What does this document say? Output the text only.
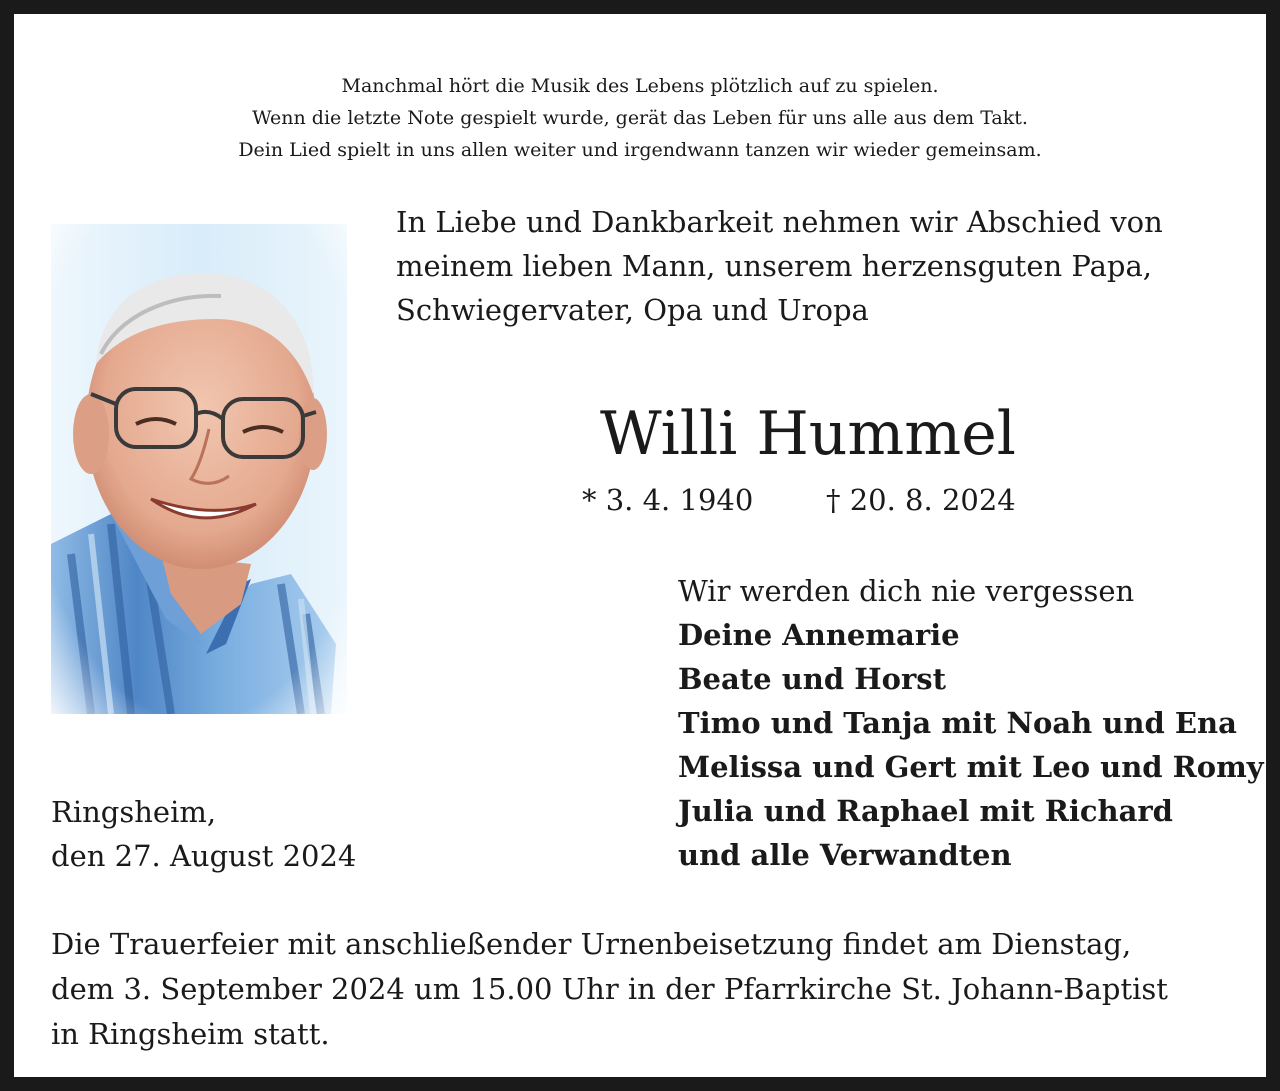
Manchmal hört die Musik des Lebens plötzlich auf zu spielen.
Wenn die letzte Note gespielt wurde, gerät das Leben für uns alle aus dem Takt.
Dein Lied spielt in uns allen weiter und irgendwann tanzen wir wieder gemeinsam.
In Liebe und Dankbarkeit nehmen wir Abschied von
meinem lieben Mann, unserem herzensguten Papa,
Schwiegervater, Opa und Uropa
Willi Hummel
* 3. 4. 1940	† 20. 8. 2024
Wir werden dich nie vergessen
Deine Annemarie
Beate und Horst
Timo und Tanja mit Noah und Ena
Melissa und Gert mit Leo und Romy
Julia und Raphael mit Richard
und alle Verwandten
Ringsheim,
den 27. August 2024
Die Trauerfeier mit anschließender Urnenbeisetzung findet am Dienstag,
dem 3. September 2024 um 15.00 Uhr in der Pfarrkirche St. Johann-Baptist
in Ringsheim statt.
